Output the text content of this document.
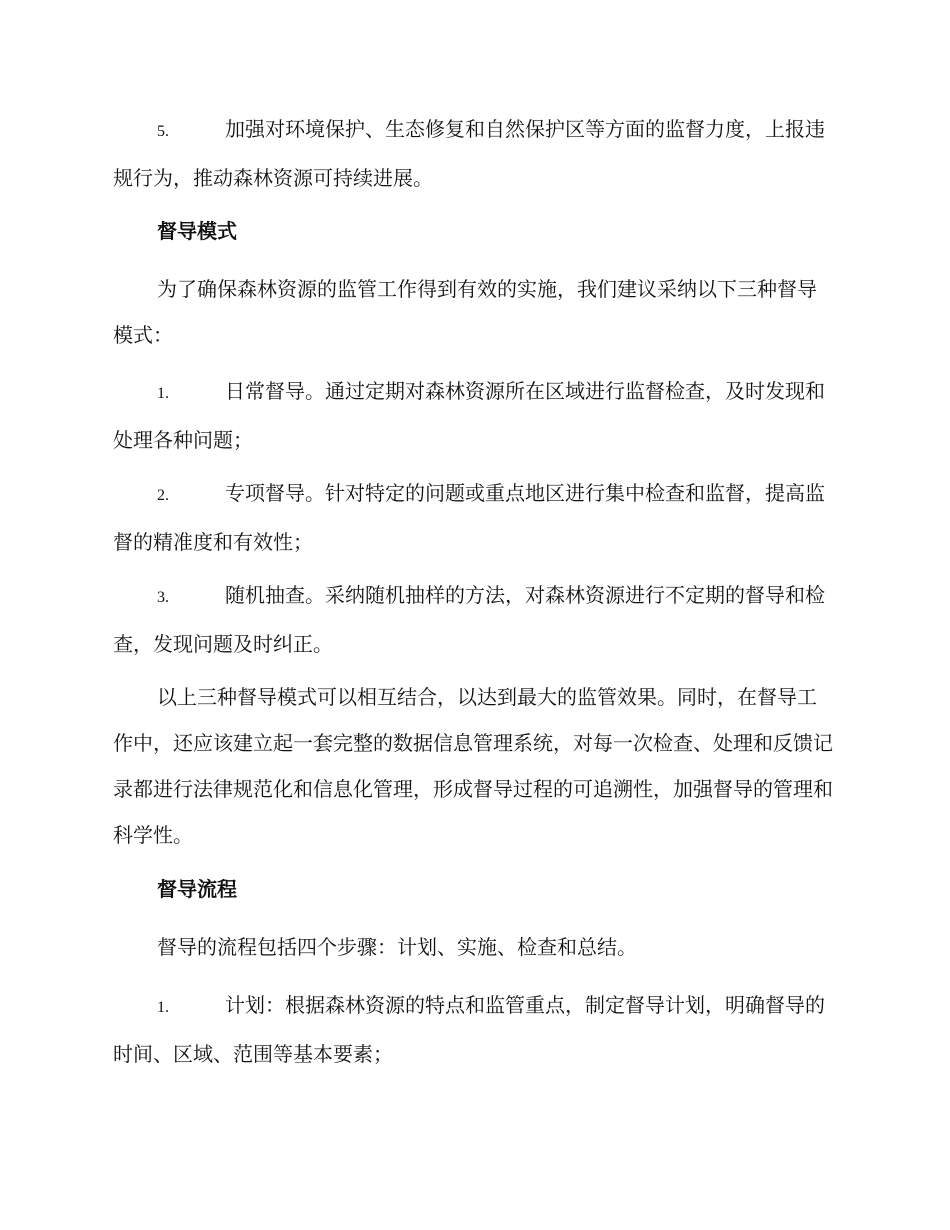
5.	加强对环境保护、生态修复和自然保护区等方面的监督力度，上报违规行为，推动森林资源可持续进展。

督导模式

为了确保森林资源的监管工作得到有效的实施，我们建议采纳以下三种督导模式：

1.	日常督导。通过定期对森林资源所在区域进行监督检查，及时发现和处理各种问题；

2.	专项督导。针对特定的问题或重点地区进行集中检查和监督，提高监督的精准度和有效性；

3.	随机抽查。采纳随机抽样的方法，对森林资源进行不定期的督导和检查，发现问题及时纠正。

以上三种督导模式可以相互结合，以达到最大的监管效果。同时，在督导工作中，还应该建立起一套完整的数据信息管理系统，对每一次检查、处理和反馈记录都进行法律规范化和信息化管理，形成督导过程的可追溯性，加强督导的管理和科学性。

督导流程

督导的流程包括四个步骤：计划、实施、检查和总结。

1.	计划：根据森林资源的特点和监管重点，制定督导计划，明确督导的时间、区域、范围等基本要素；
